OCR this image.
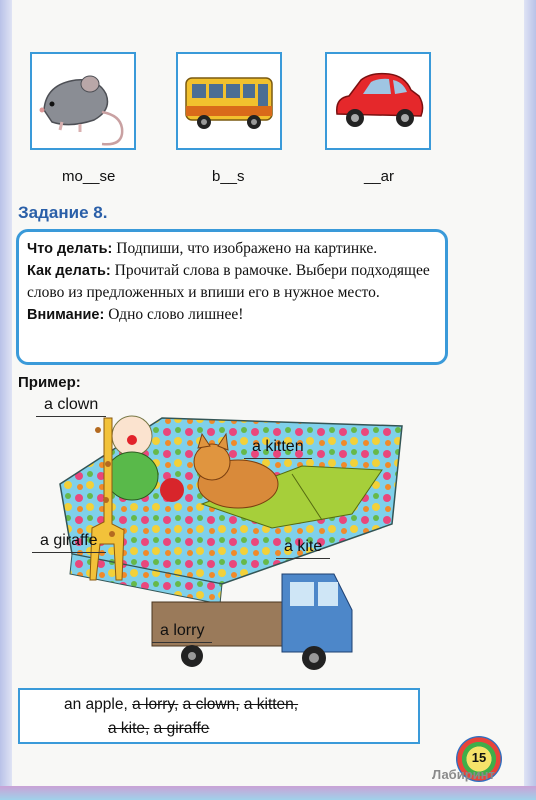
mo__se	b__s	__ar
Задание 8.

Что делать: Подпиши, что изображено на картинке.

Как делать: Прочитай слова в рамочке. Выбери подходящее слово из предложенных и впиши его в нужное место.

Внимание: Одно слово лишнее!

Пример:
a clown
a kitten
a giraffe	a kite
a lorry
an apple, a lorry, a clown, a kitten,
a kite, a giraffe
15
Лабиринт
